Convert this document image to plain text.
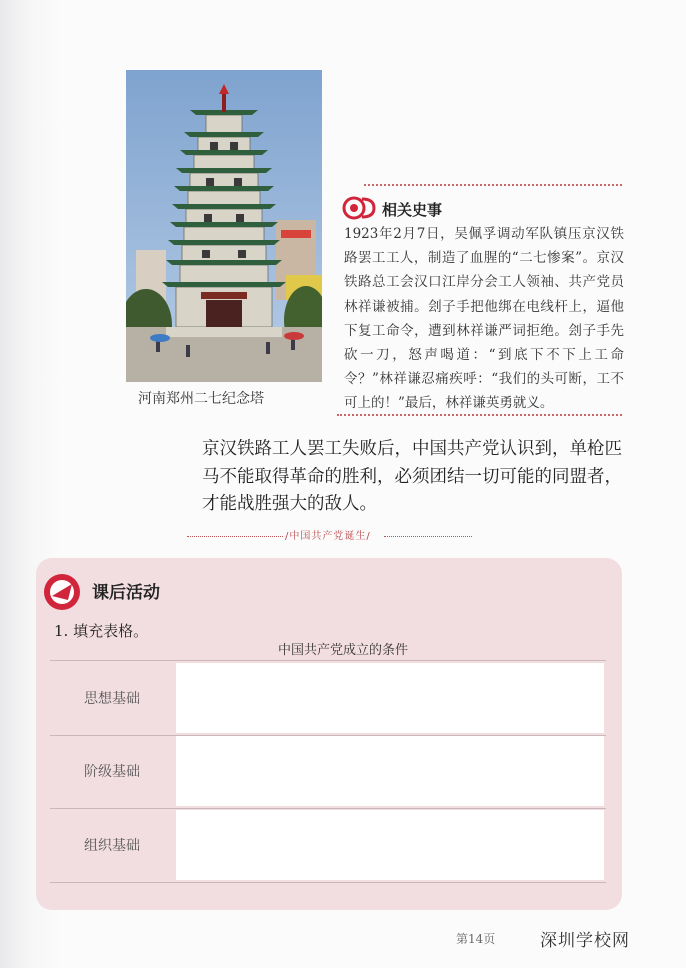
河南郑州二七纪念塔
相关史事
1923年2月7日，吴佩孚调动军队镇压京汉铁路罢工工人，制造了血腥的“二七惨案”。京汉铁路总工会汉口江岸分会工人领袖、共产党员林祥谦被捕。刽子手把他绑在电线杆上，逼他下复工命令，遭到林祥谦严词拒绝。刽子手先砍一刀，怒声喝道：“到底下不下上工命令？”林祥谦忍痛疾呼：“我们的头可断，工不可上的！”最后，林祥谦英勇就义。
京汉铁路工人罢工失败后，中国共产党认识到，单枪匹马不能取得革命的胜利，必须团结一切可能的同盟者，才能战胜强大的敌人。
/中国共产党诞生/
课后活动
1. 填充表格。
中国共产党成立的条件
思想基础
阶级基础
组织基础
第14页	深圳学校网
